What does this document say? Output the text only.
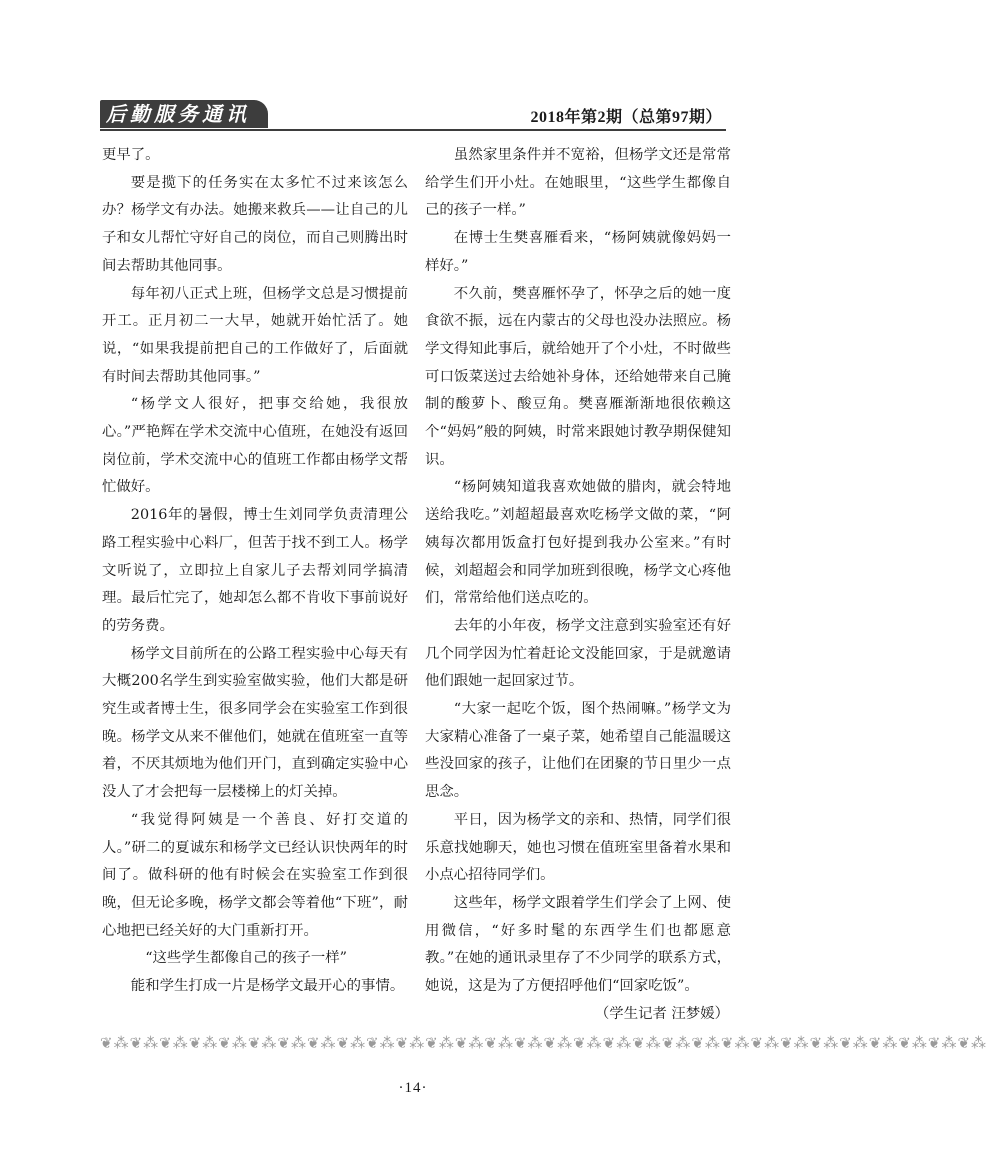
后勤服务通讯	2018年第2期（总第97期）

更早了。

要是揽下的任务实在太多忙不过来该怎么办？杨学文有办法。她搬来救兵——让自己的儿子和女儿帮忙守好自己的岗位，而自己则腾出时间去帮助其他同事。

每年初八正式上班，但杨学文总是习惯提前开工。正月初二一大早，她就开始忙活了。她说，“如果我提前把自己的工作做好了，后面就有时间去帮助其他同事。”

“杨学文人很好，把事交给她，我很放心。”严艳辉在学术交流中心值班，在她没有返回岗位前，学术交流中心的值班工作都由杨学文帮忙做好。

2016年的暑假，博士生刘同学负责清理公路工程实验中心料厂，但苦于找不到工人。杨学文听说了，立即拉上自家儿子去帮刘同学搞清理。最后忙完了，她却怎么都不肯收下事前说好的劳务费。

杨学文目前所在的公路工程实验中心每天有大概200名学生到实验室做实验，他们大都是研究生或者博士生，很多同学会在实验室工作到很晚。杨学文从来不催他们，她就在值班室一直等着，不厌其烦地为他们开门，直到确定实验中心没人了才会把每一层楼梯上的灯关掉。

“我觉得阿姨是一个善良、好打交道的人。”研二的夏诚东和杨学文已经认识快两年的时间了。做科研的他有时候会在实验室工作到很晚，但无论多晚，杨学文都会等着他“下班”，耐心地把已经关好的大门重新打开。

“这些学生都像自己的孩子一样”

能和学生打成一片是杨学文最开心的事情。

虽然家里条件并不宽裕，但杨学文还是常常给学生们开小灶。在她眼里，“这些学生都像自己的孩子一样。”

在博士生樊喜雁看来，“杨阿姨就像妈妈一样好。”

不久前，樊喜雁怀孕了，怀孕之后的她一度食欲不振，远在内蒙古的父母也没办法照应。杨学文得知此事后，就给她开了个小灶，不时做些可口饭菜送过去给她补身体，还给她带来自己腌制的酸萝卜、酸豆角。樊喜雁渐渐地很依赖这个“妈妈”般的阿姨，时常来跟她讨教孕期保健知识。

“杨阿姨知道我喜欢她做的腊肉，就会特地送给我吃。”刘超超最喜欢吃杨学文做的菜，“阿姨每次都用饭盒打包好提到我办公室来。”有时候，刘超超会和同学加班到很晚，杨学文心疼他们，常常给他们送点吃的。

去年的小年夜，杨学文注意到实验室还有好几个同学因为忙着赶论文没能回家，于是就邀请他们跟她一起回家过节。

“大家一起吃个饭，图个热闹嘛。”杨学文为大家精心准备了一桌子菜，她希望自己能温暖这些没回家的孩子，让他们在团聚的节日里少一点思念。

平日，因为杨学文的亲和、热情，同学们很乐意找她聊天，她也习惯在值班室里备着水果和小点心招待同学们。

这些年，杨学文跟着学生们学会了上网、使用微信，“好多时髦的东西学生们也都愿意教。”在她的通讯录里存了不少同学的联系方式，她说，这是为了方便招呼他们“回家吃饭”。

（学生记者 汪梦媛）

❦⁂❦⁂❦⁂❦⁂❦⁂❦⁂❦⁂❦⁂❦⁂❦⁂❦⁂❦⁂❦⁂❦⁂❦⁂❦⁂❦⁂❦⁂❦⁂❦⁂❦⁂❦⁂❦⁂❦⁂❦⁂❦⁂❦⁂❦⁂❦⁂❦⁂
·14·
